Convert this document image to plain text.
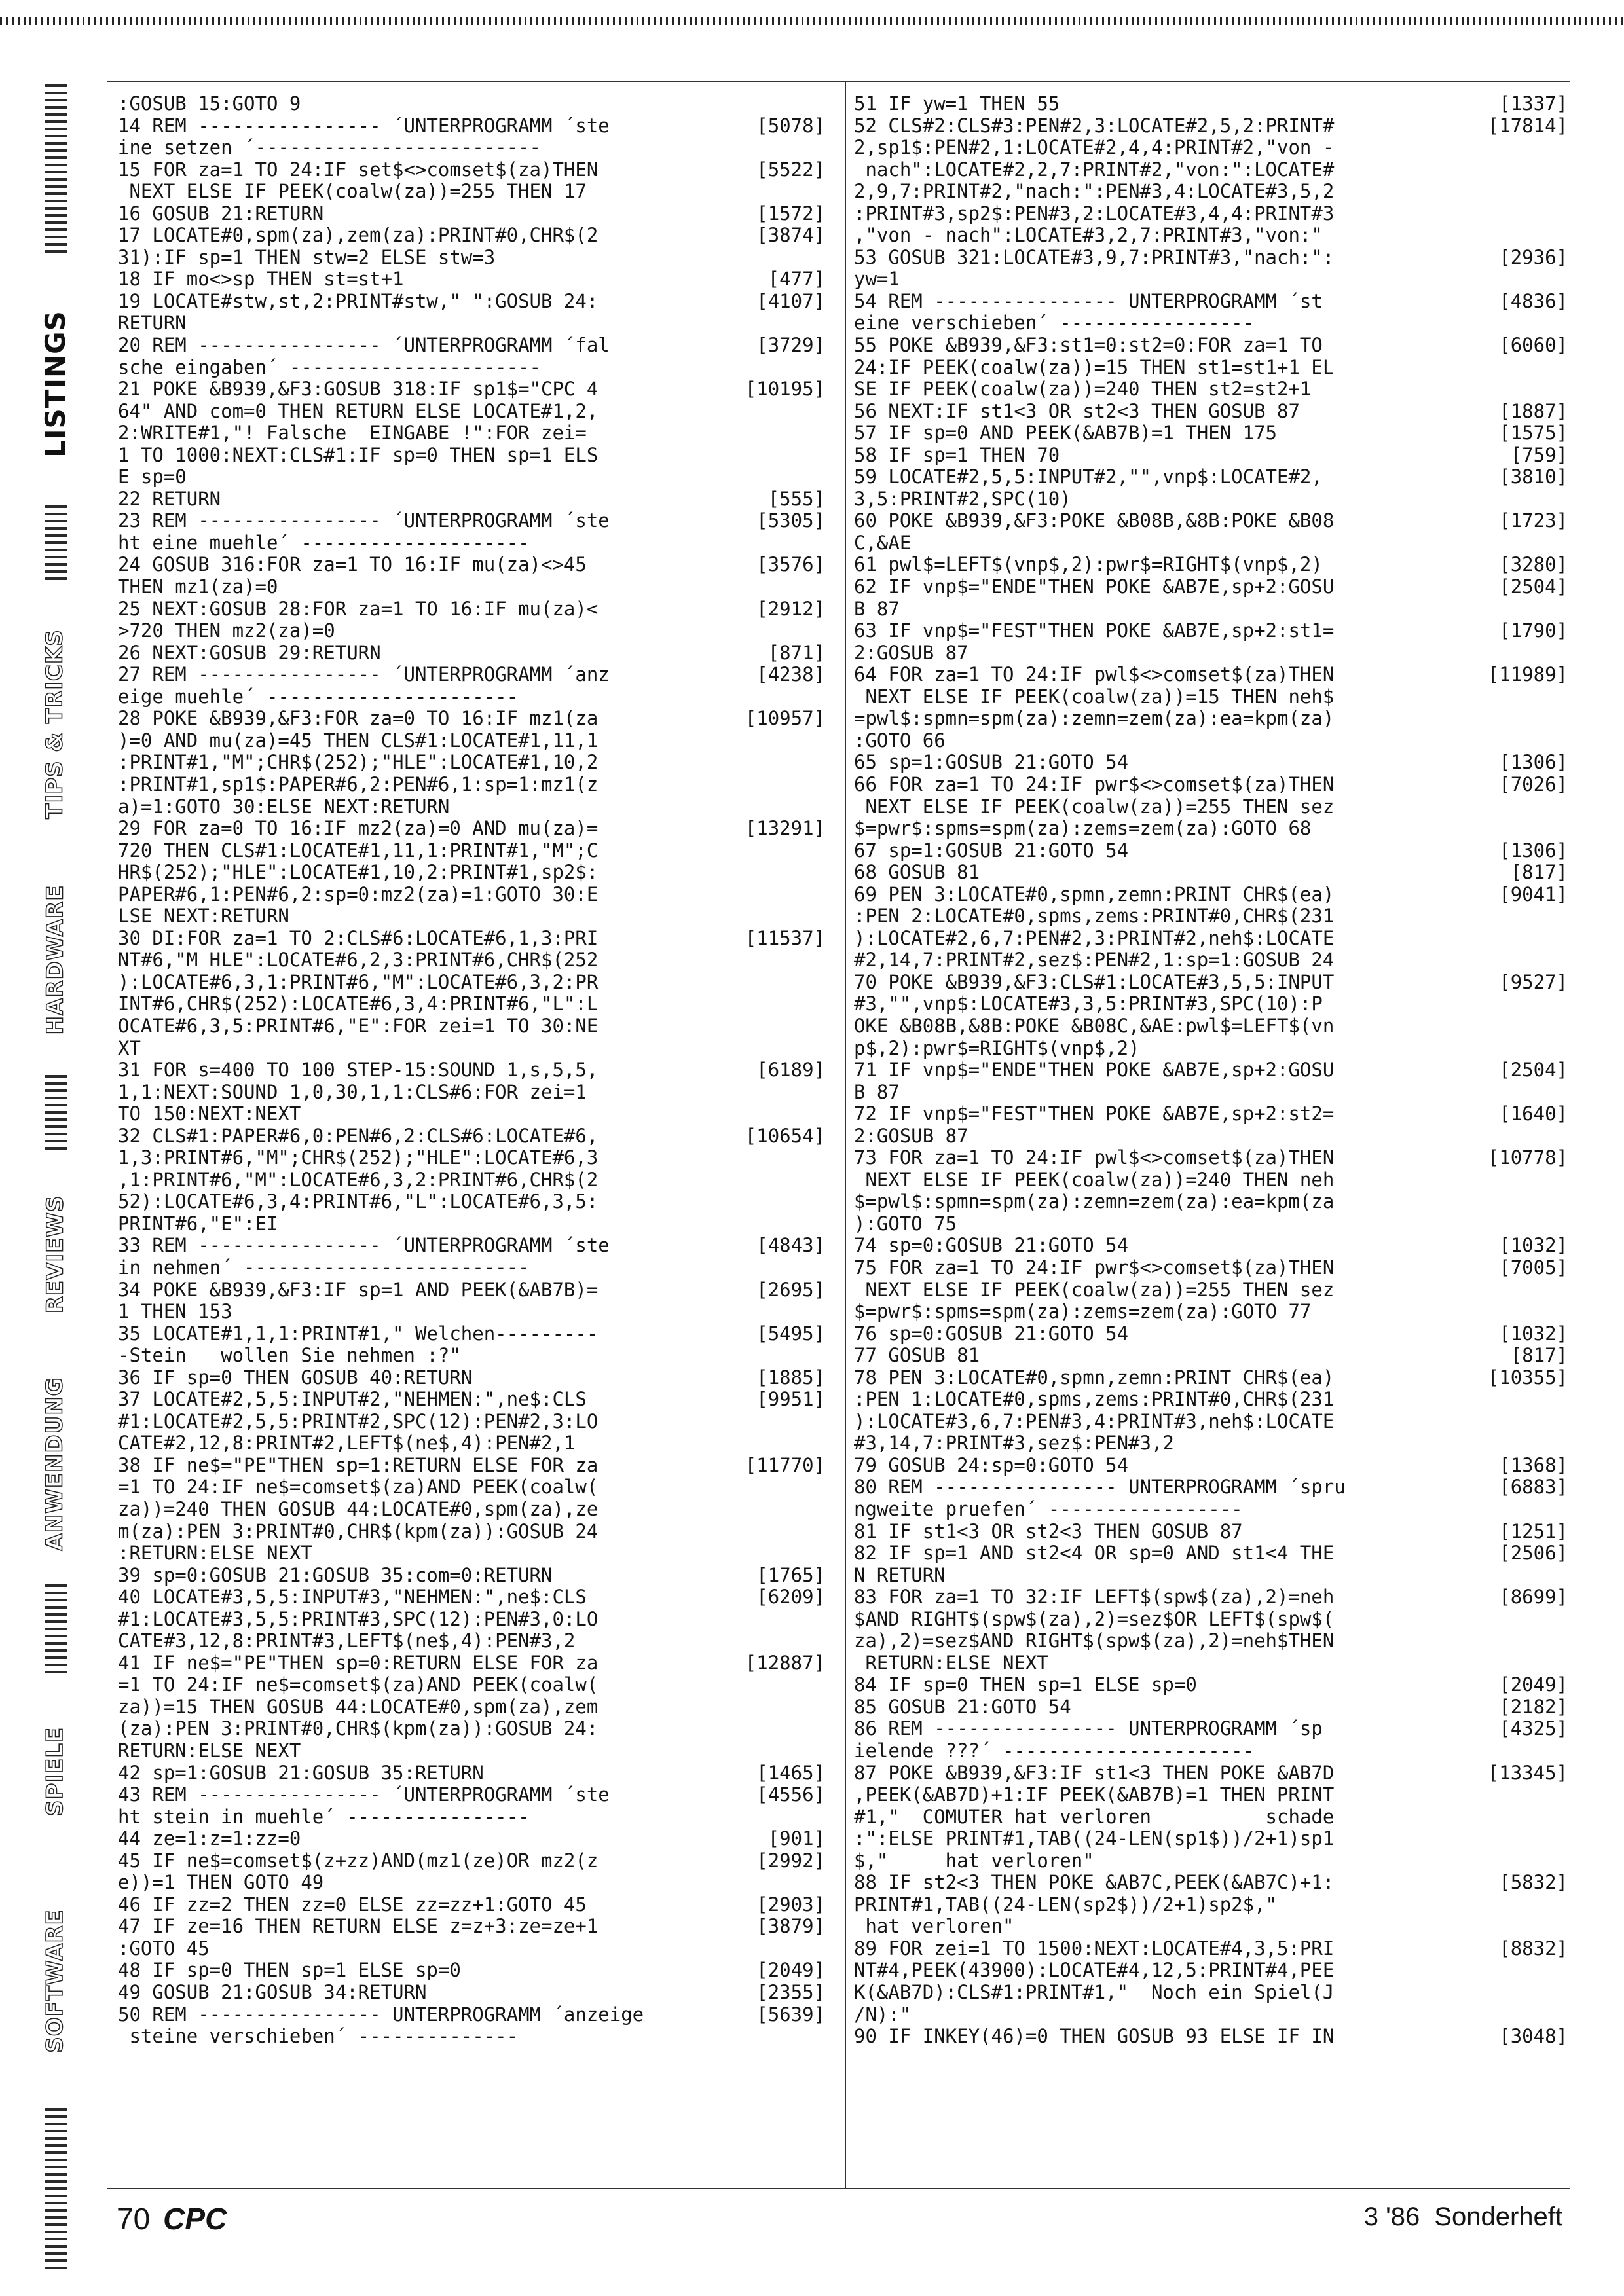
LISTINGS
TIPS & TRICKS
HARDWARE
REVIEWS
ANWENDUNG
SPIELE
SOFTWARE
:GOSUB 15:GOTO 9
14 REM ---------------- ´UNTERPROGRAMM ´ste	[5078]
ine setzen ´-------------------------
15 FOR za=1 TO 24:IF set$<>comset$(za)THEN	[5522]
NEXT ELSE IF PEEK(coalw(za))=255 THEN 17
16 GOSUB 21:RETURN	[1572]
17 LOCATE#0,spm(za),zem(za):PRINT#0,CHR$(2	[3874]
31):IF sp=1 THEN stw=2 ELSE stw=3
18 IF mo<>sp THEN st=st+1	[477]
19 LOCATE#stw,st,2:PRINT#stw," ":GOSUB 24:	[4107]
RETURN
20 REM ---------------- ´UNTERPROGRAMM ´fal	[3729]
sche eingaben´ ----------------------
21 POKE &B939,&F3:GOSUB 318:IF sp1$="CPC 4	[10195]
64" AND com=0 THEN RETURN ELSE LOCATE#1,2,
2:WRITE#1,"! Falsche  EINGABE !":FOR zei=
1 TO 1000:NEXT:CLS#1:IF sp=0 THEN sp=1 ELS
E sp=0
22 RETURN	[555]
23 REM ---------------- ´UNTERPROGRAMM ´ste	[5305]
ht eine muehle´ --------------------
24 GOSUB 316:FOR za=1 TO 16:IF mu(za)<>45	[3576]
THEN mz1(za)=0
25 NEXT:GOSUB 28:FOR za=1 TO 16:IF mu(za)<	[2912]
>720 THEN mz2(za)=0
26 NEXT:GOSUB 29:RETURN	[871]
27 REM ---------------- ´UNTERPROGRAMM ´anz	[4238]
eige muehle´ ----------------------
28 POKE &B939,&F3:FOR za=0 TO 16:IF mz1(za	[10957]
)=0 AND mu(za)=45 THEN CLS#1:LOCATE#1,11,1
:PRINT#1,"M";CHR$(252);"HLE":LOCATE#1,10,2
:PRINT#1,sp1$:PAPER#6,2:PEN#6,1:sp=1:mz1(z
a)=1:GOTO 30:ELSE NEXT:RETURN
29 FOR za=0 TO 16:IF mz2(za)=0 AND mu(za)=	[13291]
720 THEN CLS#1:LOCATE#1,11,1:PRINT#1,"M";C
HR$(252);"HLE":LOCATE#1,10,2:PRINT#1,sp2$:
PAPER#6,1:PEN#6,2:sp=0:mz2(za)=1:GOTO 30:E
LSE NEXT:RETURN
30 DI:FOR za=1 TO 2:CLS#6:LOCATE#6,1,3:PRI	[11537]
NT#6,"M HLE":LOCATE#6,2,3:PRINT#6,CHR$(252
):LOCATE#6,3,1:PRINT#6,"M":LOCATE#6,3,2:PR
INT#6,CHR$(252):LOCATE#6,3,4:PRINT#6,"L":L
OCATE#6,3,5:PRINT#6,"E":FOR zei=1 TO 30:NE
XT
31 FOR s=400 TO 100 STEP-15:SOUND 1,s,5,5,	[6189]
1,1:NEXT:SOUND 1,0,30,1,1:CLS#6:FOR zei=1
TO 150:NEXT:NEXT
32 CLS#1:PAPER#6,0:PEN#6,2:CLS#6:LOCATE#6,	[10654]
1,3:PRINT#6,"M";CHR$(252);"HLE":LOCATE#6,3
,1:PRINT#6,"M":LOCATE#6,3,2:PRINT#6,CHR$(2
52):LOCATE#6,3,4:PRINT#6,"L":LOCATE#6,3,5:
PRINT#6,"E":EI
33 REM ---------------- ´UNTERPROGRAMM ´ste	[4843]
in nehmen´ -------------------------
34 POKE &B939,&F3:IF sp=1 AND PEEK(&AB7B)=	[2695]
1 THEN 153
35 LOCATE#1,1,1:PRINT#1," Welchen---------	[5495]
-Stein   wollen Sie nehmen :?"
36 IF sp=0 THEN GOSUB 40:RETURN	[1885]
37 LOCATE#2,5,5:INPUT#2,"NEHMEN:",ne$:CLS	[9951]
#1:LOCATE#2,5,5:PRINT#2,SPC(12):PEN#2,3:LO
CATE#2,12,8:PRINT#2,LEFT$(ne$,4):PEN#2,1
38 IF ne$="PE"THEN sp=1:RETURN ELSE FOR za	[11770]
=1 TO 24:IF ne$=comset$(za)AND PEEK(coalw(
za))=240 THEN GOSUB 44:LOCATE#0,spm(za),ze
m(za):PEN 3:PRINT#0,CHR$(kpm(za)):GOSUB 24
:RETURN:ELSE NEXT
39 sp=0:GOSUB 21:GOSUB 35:com=0:RETURN	[1765]
40 LOCATE#3,5,5:INPUT#3,"NEHMEN:",ne$:CLS	[6209]
#1:LOCATE#3,5,5:PRINT#3,SPC(12):PEN#3,0:LO
CATE#3,12,8:PRINT#3,LEFT$(ne$,4):PEN#3,2
41 IF ne$="PE"THEN sp=0:RETURN ELSE FOR za	[12887]
=1 TO 24:IF ne$=comset$(za)AND PEEK(coalw(
za))=15 THEN GOSUB 44:LOCATE#0,spm(za),zem
(za):PEN 3:PRINT#0,CHR$(kpm(za)):GOSUB 24:
RETURN:ELSE NEXT
42 sp=1:GOSUB 21:GOSUB 35:RETURN	[1465]
43 REM ---------------- ´UNTERPROGRAMM ´ste	[4556]
ht stein in muehle´ ----------------
44 ze=1:z=1:zz=0	[901]
45 IF ne$=comset$(z+zz)AND(mz1(ze)OR mz2(z	[2992]
e))=1 THEN GOTO 49
46 IF zz=2 THEN zz=0 ELSE zz=zz+1:GOTO 45	[2903]
47 IF ze=16 THEN RETURN ELSE z=z+3:ze=ze+1	[3879]
:GOTO 45
48 IF sp=0 THEN sp=1 ELSE sp=0	[2049]
49 GOSUB 21:GOSUB 34:RETURN	[2355]
50 REM ---------------- UNTERPROGRAMM ´anzeige	[5639]
steine verschieben´ --------------
51 IF yw=1 THEN 55	[1337]
52 CLS#2:CLS#3:PEN#2,3:LOCATE#2,5,2:PRINT#	[17814]
2,sp1$:PEN#2,1:LOCATE#2,4,4:PRINT#2,"von -
nach":LOCATE#2,2,7:PRINT#2,"von:":LOCATE#
2,9,7:PRINT#2,"nach:":PEN#3,4:LOCATE#3,5,2
:PRINT#3,sp2$:PEN#3,2:LOCATE#3,4,4:PRINT#3
,"von - nach":LOCATE#3,2,7:PRINT#3,"von:"
53 GOSUB 321:LOCATE#3,9,7:PRINT#3,"nach:":	[2936]
yw=1
54 REM ---------------- UNTERPROGRAMM ´st	[4836]
eine verschieben´ -----------------
55 POKE &B939,&F3:st1=0:st2=0:FOR za=1 TO	[6060]
24:IF PEEK(coalw(za))=15 THEN st1=st1+1 EL
SE IF PEEK(coalw(za))=240 THEN st2=st2+1
56 NEXT:IF st1<3 OR st2<3 THEN GOSUB 87	[1887]
57 IF sp=0 AND PEEK(&AB7B)=1 THEN 175	[1575]
58 IF sp=1 THEN 70	[759]
59 LOCATE#2,5,5:INPUT#2,"",vnp$:LOCATE#2,	[3810]
3,5:PRINT#2,SPC(10)
60 POKE &B939,&F3:POKE &B08B,&8B:POKE &B08	[1723]
C,&AE
61 pwl$=LEFT$(vnp$,2):pwr$=RIGHT$(vnp$,2)	[3280]
62 IF vnp$="ENDE"THEN POKE &AB7E,sp+2:GOSU	[2504]
B 87
63 IF vnp$="FEST"THEN POKE &AB7E,sp+2:st1=	[1790]
2:GOSUB 87
64 FOR za=1 TO 24:IF pwl$<>comset$(za)THEN	[11989]
NEXT ELSE IF PEEK(coalw(za))=15 THEN neh$
=pwl$:spmn=spm(za):zemn=zem(za):ea=kpm(za)
:GOTO 66
65 sp=1:GOSUB 21:GOTO 54	[1306]
66 FOR za=1 TO 24:IF pwr$<>comset$(za)THEN	[7026]
NEXT ELSE IF PEEK(coalw(za))=255 THEN sez
$=pwr$:spms=spm(za):zems=zem(za):GOTO 68
67 sp=1:GOSUB 21:GOTO 54	[1306]
68 GOSUB 81	[817]
69 PEN 3:LOCATE#0,spmn,zemn:PRINT CHR$(ea)	[9041]
:PEN 2:LOCATE#0,spms,zems:PRINT#0,CHR$(231
):LOCATE#2,6,7:PEN#2,3:PRINT#2,neh$:LOCATE
#2,14,7:PRINT#2,sez$:PEN#2,1:sp=1:GOSUB 24
70 POKE &B939,&F3:CLS#1:LOCATE#3,5,5:INPUT	[9527]
#3,"",vnp$:LOCATE#3,3,5:PRINT#3,SPC(10):P
OKE &B08B,&8B:POKE &B08C,&AE:pwl$=LEFT$(vn
p$,2):pwr$=RIGHT$(vnp$,2)
71 IF vnp$="ENDE"THEN POKE &AB7E,sp+2:GOSU	[2504]
B 87
72 IF vnp$="FEST"THEN POKE &AB7E,sp+2:st2=	[1640]
2:GOSUB 87
73 FOR za=1 TO 24:IF pwl$<>comset$(za)THEN	[10778]
NEXT ELSE IF PEEK(coalw(za))=240 THEN neh
$=pwl$:spmn=spm(za):zemn=zem(za):ea=kpm(za
):GOTO 75
74 sp=0:GOSUB 21:GOTO 54	[1032]
75 FOR za=1 TO 24:IF pwr$<>comset$(za)THEN	[7005]
NEXT ELSE IF PEEK(coalw(za))=255 THEN sez
$=pwr$:spms=spm(za):zems=zem(za):GOTO 77
76 sp=0:GOSUB 21:GOTO 54	[1032]
77 GOSUB 81	[817]
78 PEN 3:LOCATE#0,spmn,zemn:PRINT CHR$(ea)	[10355]
:PEN 1:LOCATE#0,spms,zems:PRINT#0,CHR$(231
):LOCATE#3,6,7:PEN#3,4:PRINT#3,neh$:LOCATE
#3,14,7:PRINT#3,sez$:PEN#3,2
79 GOSUB 24:sp=0:GOTO 54	[1368]
80 REM ---------------- UNTERPROGRAMM ´spru	[6883]
ngweite pruefen´ -----------------
81 IF st1<3 OR st2<3 THEN GOSUB 87	[1251]
82 IF sp=1 AND st2<4 OR sp=0 AND st1<4 THE	[2506]
N RETURN
83 FOR za=1 TO 32:IF LEFT$(spw$(za),2)=neh	[8699]
$AND RIGHT$(spw$(za),2)=sez$OR LEFT$(spw$(
za),2)=sez$AND RIGHT$(spw$(za),2)=neh$THEN
RETURN:ELSE NEXT
84 IF sp=0 THEN sp=1 ELSE sp=0	[2049]
85 GOSUB 21:GOTO 54	[2182]
86 REM ---------------- UNTERPROGRAMM ´sp	[4325]
ielende ???´ ----------------------
87 POKE &B939,&F3:IF st1<3 THEN POKE &AB7D	[13345]
,PEEK(&AB7D)+1:IF PEEK(&AB7B)=1 THEN PRINT
#1,"  COMUTER hat verloren          schade
:":ELSE PRINT#1,TAB((24-LEN(sp1$))/2+1)sp1
$,"     hat verloren"
88 IF st2<3 THEN POKE &AB7C,PEEK(&AB7C)+1:	[5832]
PRINT#1,TAB((24-LEN(sp2$))/2+1)sp2$,"
hat verloren"
89 FOR zei=1 TO 1500:NEXT:LOCATE#4,3,5:PRI	[8832]
NT#4,PEEK(43900):LOCATE#4,12,5:PRINT#4,PEE
K(&AB7D):CLS#1:PRINT#1,"  Noch ein Spiel(J
/N):"
90 IF INKEY(46)=0 THEN GOSUB 93 ELSE IF IN	[3048]
70 CPC	3 '86 Sonderheft
